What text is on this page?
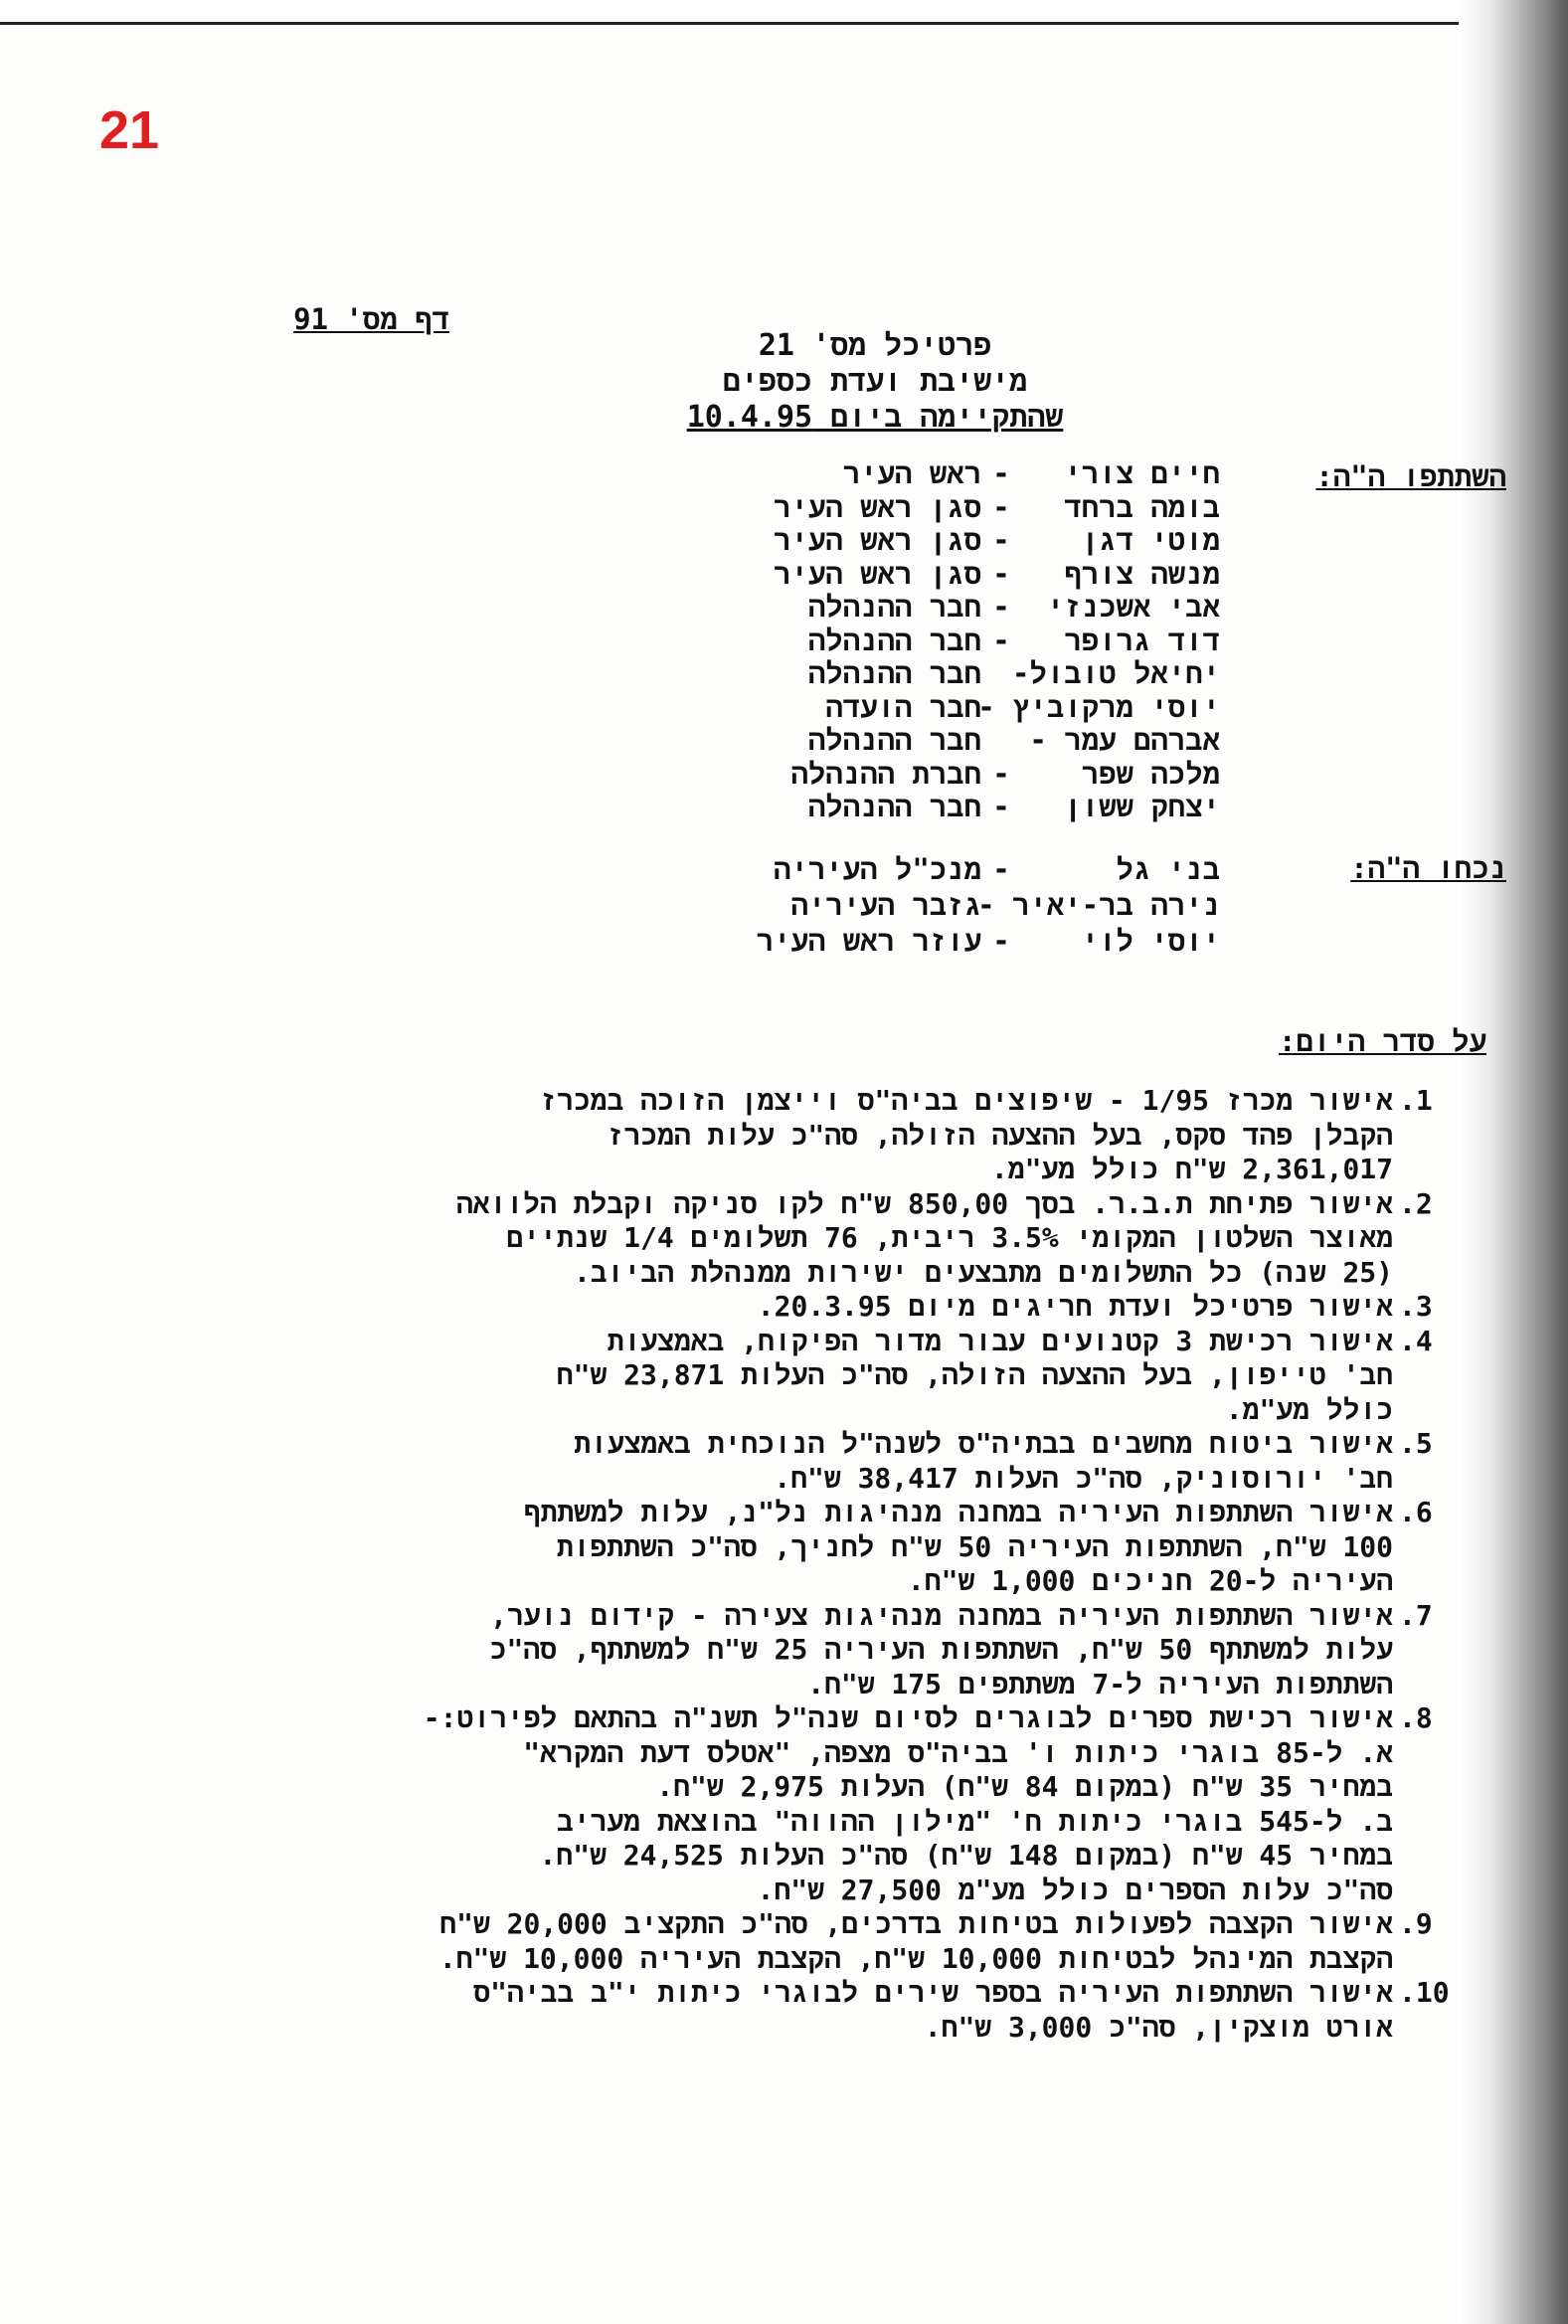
21
דף מס' 91
פרטיכל מס' 21
מישיבת ועדת כספים
שהתקיימה ביום 10.4.95
השתתפו ה"ה:
חיים צורי
-
ראש העיר
בומה ברחד
-
סגן ראש העיר
מוטי דגן
-
סגן ראש העיר
מנשה צורף
-
סגן ראש העיר
אבי אשכנזי
-
חבר ההנהלה
דוד גרופר
-
חבר ההנהלה
יחיאל טובול-
חבר ההנהלה
יוסי מרקוביץ -
חבר הועדה
אברהם עמר -
חבר ההנהלה
מלכה שפר
-
חברת ההנהלה
יצחק ששון
-
חבר ההנהלה
נכחו ה"ה:
בני גל
-
מנכ"ל העיריה
נירה בר-יאיר -
גזבר העיריה
יוסי לוי
-
עוזר ראש העיר
על סדר היום:
.1
אישור מכרז 1/95 - שיפוצים בביה"ס וייצמן הזוכה במכרז
הקבלן פהד סקס, בעל ההצעה הזולה, סה"כ עלות המכרז
2,361,017 ש"ח כולל מע"מ.
.2
אישור פתיחת ת.ב.ר. בסך 850,00 ש"ח לקו סניקה וקבלת הלוואה
מאוצר השלטון המקומי 3.5% ריבית, 76 תשלומים 1/4 שנתיים
(25 שנה) כל התשלומים מתבצעים ישירות ממנהלת הביוב.
.3
אישור פרטיכל ועדת חריגים מיום 20.3.95.
.4
אישור רכישת 3 קטנועים עבור מדור הפיקוח, באמצעות
חב' טייפון, בעל ההצעה הזולה, סה"כ העלות 23,871 ש"ח
כולל מע"מ.
.5
אישור ביטוח מחשבים בבתיה"ס לשנה"ל הנוכחית באמצעות
חב' יורוסוניק, סה"כ העלות 38,417 ש"ח.
.6
אישור השתתפות העיריה במחנה מנהיגות נל"נ, עלות למשתתף
100 ש"ח, השתתפות העיריה 50 ש"ח לחניך, סה"כ השתתפות
העיריה ל-20 חניכים 1,000 ש"ח.
.7
אישור השתתפות העיריה במחנה מנהיגות צעירה - קידום נוער,
עלות למשתתף 50 ש"ח, השתתפות העיריה 25 ש"ח למשתתף, סה"כ
השתתפות העיריה ל-7 משתתפים 175 ש"ח.
.8
אישור רכישת ספרים לבוגרים לסיום שנה"ל תשנ"ה בהתאם לפירוט:-
א. ל-85 בוגרי כיתות ו' בביה"ס מצפה, "אטלס דעת המקרא"
במחיר 35 ש"ח (במקום 84 ש"ח) העלות 2,975 ש"ח.
ב. ל-545 בוגרי כיתות ח' "מילון ההווה" בהוצאת מעריב
במחיר 45 ש"ח (במקום 148 ש"ח) סה"כ העלות 24,525 ש"ח.
סה"כ עלות הספרים כולל מע"מ 27,500 ש"ח.
.9
אישור הקצבה לפעולות בטיחות בדרכים, סה"כ התקציב 20,000 ש"ח
הקצבת המינהל לבטיחות 10,000 ש"ח, הקצבת העיריה 10,000 ש"ח.
.10
אישור השתתפות העיריה בספר שירים לבוגרי כיתות י"ב בביה"ס
אורט מוצקין, סה"כ 3,000 ש"ח.
